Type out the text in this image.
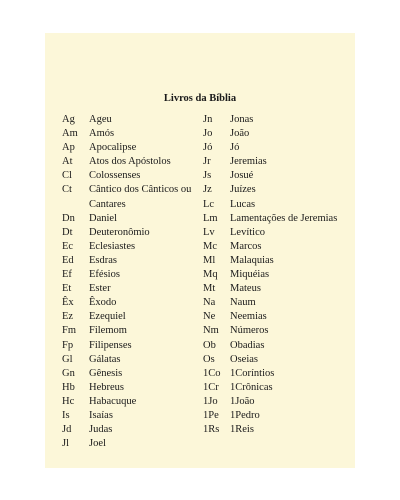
Livros da Bíblia
Ag	Ageu
Am	Amós
Ap	Apocalipse
At	Atos dos Apóstolos
Cl	Colossenses
Ct	Cântico dos Cânticos ou Cantares
Dn	Daniel
Dt	Deuteronômio
Ec	Eclesiastes
Ed	Esdras
Ef	Efésios
Et	Ester
Êx	Êxodo
Ez	Ezequiel
Fm	Filemom
Fp	Filipenses
Gl	Gálatas
Gn	Gênesis
Hb	Hebreus
Hc	Habacuque
Is	Isaías
Jd	Judas
Jl	Joel
Jn	Jonas
Jo	João
Jó	Jó
Jr	Jeremias
Js	Josué
Jz	Juízes
Lc	Lucas
Lm	Lamentações de Jeremias
Lv	Levítico
Mc	Marcos
Ml	Malaquias
Mq	Miquéias
Mt	Mateus
Na	Naum
Ne	Neemias
Nm	Números
Ob	Obadias
Os	Oseias
1Co 1Coríntios
1Cr	1Crônicas
1Jo	1João
1Pe	1Pedro
1Rs	1Reis
